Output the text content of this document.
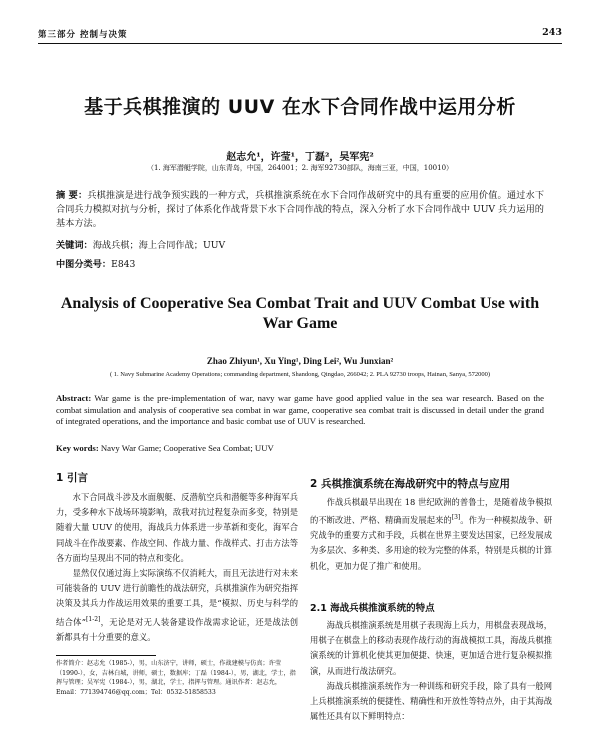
第三部分 控制与决策	243
基于兵棋推演的 UUV 在水下合同作战中运用分析
赵志允¹，许莹¹，丁磊²，吴军宪²
（1. 海军潜艇学院，山东青岛，中国，264001；2. 海军92730部队，海南三亚，中国，10010）
摘 要：兵棋推演是进行战争预实践的一种方式，兵棋推演系统在水下合同作战研究中的具有重要的应用价值。通过水下合同兵力模拟对抗与分析，探讨了体系化作战背景下水下合同作战的特点，深入分析了水下合同作战中 UUV 兵力运用的基本方法。
关键词：海战兵棋；海上合同作战；UUV
中图分类号：E843
Analysis of Cooperative Sea Combat Trait and UUV Combat Use with War Game
Zhao Zhiyun¹, Xu Ying¹, Ding Lei², Wu Junxian²
( 1. Navy Submarine Academy Operations; commanding department, Shandong, Qingdao, 266042; 2. PLA 92730 troops, Hainan, Sanya, 572000)
Abstract: War game is the pre-implementation of war, navy war game have good applied value in the sea war research. Based on the combat simulation and analysis of cooperative sea combat in war game, cooperative sea combat trait is discussed in detail under the grand of integrated operations, and the importance and basic combat use of UUV is researched.
Key words: Navy War Game; Cooperative Sea Combat; UUV
1 引言

水下合同战斗涉及水面舰艇、反潜航空兵和潜艇等多种海军兵力，受多种水下战场环境影响，敌我对抗过程复杂而多变，特别是随着大量 UUV 的使用，海战兵力体系进一步革新和变化，海军合同战斗在作战要素、作战空间、作战力量、作战样式、打击方法等各方面均呈现出不同的特点和变化。

显然仅仅通过海上实际演练不仅消耗大，而且无法进行对未来可能装备的 UUV 进行前瞻性的战法研究，兵棋推演作为研究指挥决策及其兵力作战运用效果的重要工具，是“模拟、历史与科学的结合体”[1-2]，无论是对无人装备建设作战需求论证，还是战法创新都具有十分重要的意义。

作者简介：赵志允（1985-），男，山东济宁，讲师，硕士，作战建模与仿真；许莹（1990-），女，吉林白城，讲师，硕士，数据库；丁磊（1984-），男，湖北，学士，指挥与管理；吴军宪（1984-），男，湖北，学士，指挥与管理。通讯作者：赵志允，Email：771394746@qq.com；Tel：0532-51858533
2 兵棋推演系统在海战研究中的特点与应用

作战兵棋最早出现在 18 世纪欧洲的普鲁士，是随着战争模拟的不断改进、严格、精确而发展起来的[3]。作为一种模拟战争、研究战争的重要方式和手段，兵棋在世界主要发达国家，已经发展成为多层次、多种类、多用途的较为完整的体系，特别是兵棋的计算机化，更加力促了推广和使用。

2.1 海战兵棋推演系统的特点

海战兵棋推演系统是用棋子表现海上兵力，用棋盘表现战场，用棋子在棋盘上的移动表现作战行动的海战模拟工具，海战兵棋推演系统的计算机化使其更加便捷、快速，更加适合进行复杂模拟推演，从而进行战法研究。

海战兵棋推演系统作为一种训练和研究手段，除了具有一般网上兵棋推演系统的便捷性、精确性和开放性等特点外，由于其海战属性还具有以下鲜明特点：
